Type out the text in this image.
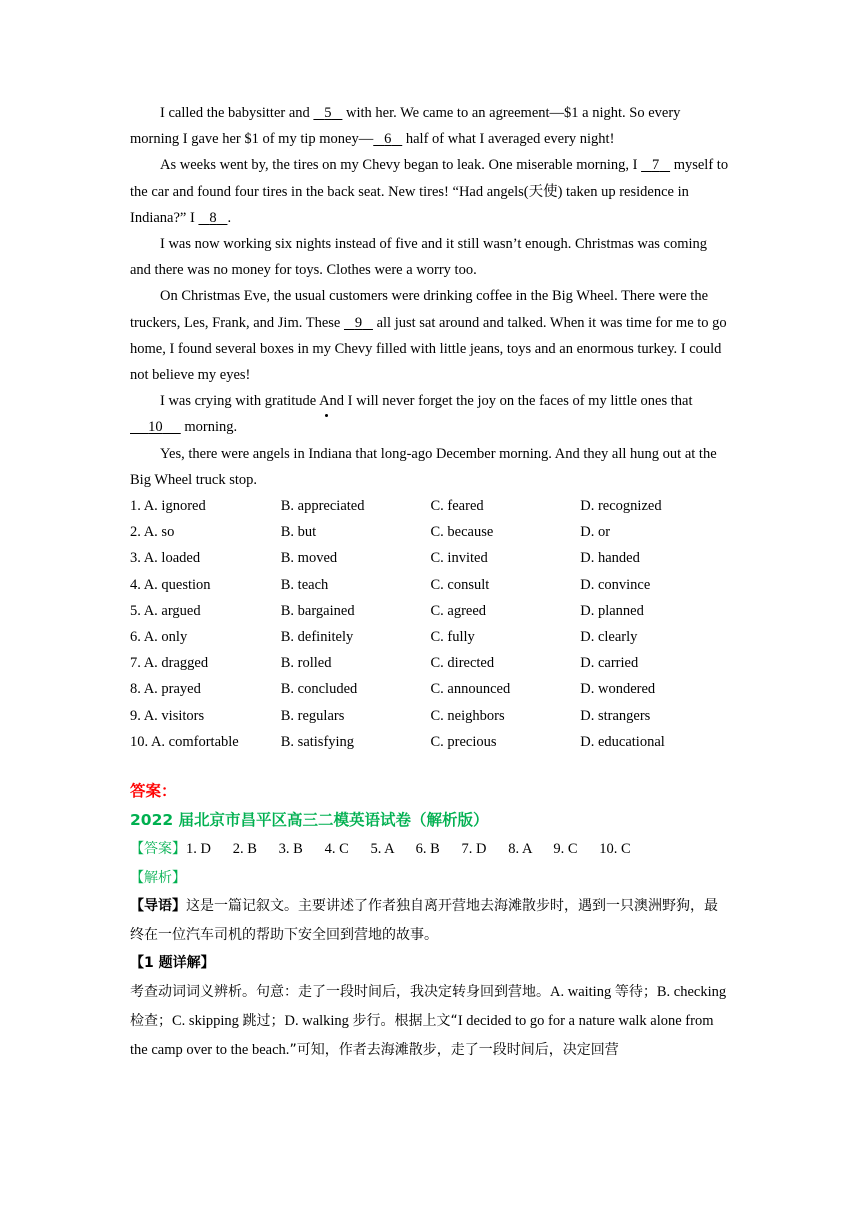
I called the babysitter and    5    with her. We came to an agreement—$1 a night. So every morning I gave her $1 of my tip money— 6    half of what I averaged every night!

As weeks went by, the tires on my Chevy began to leak. One miserable morning, I    7    myself to the car and found four tires in the back seat. New tires! “Had angels(天使) taken up residence in Indiana?” I    8 .

I was now working six nights instead of five and it still wasn’t enough. Christmas was coming and there was no money for toys. Clothes were a worry too.

On Christmas Eve, the usual customers were drinking coffee in the Big Wheel. There were the truckers, Les, Frank, and Jim. These    9    all just sat around and talked. When it was time for me to go home, I found several boxes in my Chevy filled with little jeans, toys and an enormous turkey. I could not believe my eyes!

I was crying with gratitude And I will never forget the joy on the faces of my little ones that
10      morning.

Yes, there were angels in Indiana that long-ago December morning. And they all hung out at the Big Wheel truck stop.

1. A. ignored	B. appreciated	C. feared	D. recognized
2. A. so	B. but	C. because	D. or
3. A. loaded	B. moved	C. invited	D. handed
4. A. question	B. teach	C. consult	D. convince
5. A. argued	B. bargained	C. agreed	D. planned
6. A. only	B. definitely	C. fully	D. clearly
7. A. dragged	B. rolled	C. directed	D. carried
8. A. prayed	B. concluded	C. announced	D. wondered
9. A. visitors	B. regulars	C. neighbors	D. strangers
10. A. comfortable	B. satisfying	C. precious	D. educational
答案：
2022 届北京市昌平区高三二模英语试卷（解析版）
【答案】1. D      2. B      3. B      4. C      5. A      6. B      7. D      8. A      9. C      10. C
【解析】
【导语】这是一篇记叙文。主要讲述了作者独自离开营地去海滩散步时，遇到一只澳洲野狗，最终在一位汽车司机的帮助下安全回到营地的故事。
【1 题详解】
考查动词词义辨析。句意：走了一段时间后，我决定转身回到营地。A. waiting 等待；B. checking 检查；C. skipping 跳过；D. walking 步行。根据上文“I decided to go for a nature walk alone from the camp over to the beach.”可知，作者去海滩散步，走了一段时间后，决定回营
